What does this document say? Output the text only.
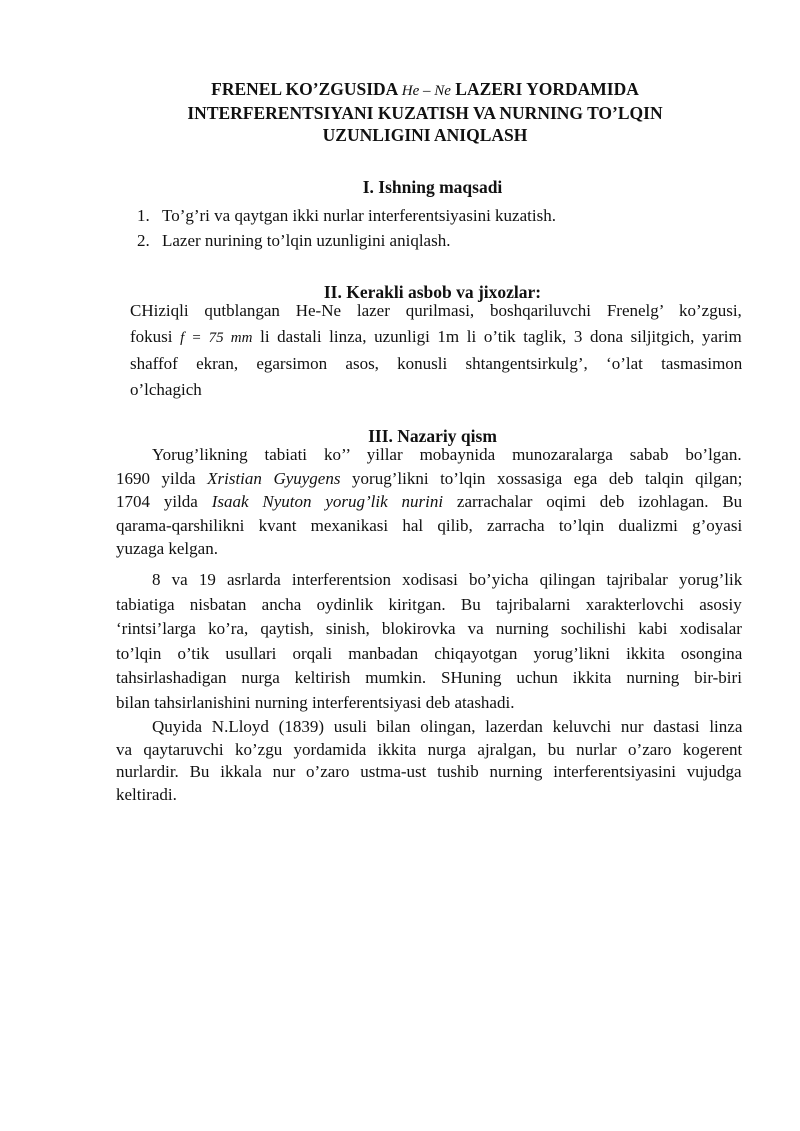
FRENEL KO’ZGUSIDA He – Ne LAZERI YORDAMIDA
INTERFERENTSIYANI KUZATISH VA NURNING TO’LQIN
UZUNLIGINI ANIQLASH
I. Ishning maqsadi
1. To’g’ri va qaytgan ikki nurlar interferentsiyasini kuzatish.
2. Lazer nurining to’lqin uzunligini aniqlash.
II. Kerakli asbob va jixozlar:
CHiziqli qutblangan He-Ne lazer qurilmasi, boshqariluvchi Frenelg’ ko’zgusi,
fokusi f = 75 mm li dastali linza, uzunligi 1m li o’tik taglik, 3 dona siljitgich, yarim
shaffof ekran, egarsimon asos, konusli shtangentsirkulg’, ‘o’lat tasmasimon
o’lchagich
III. Nazariy qism
Yorug’likning tabiati ko’’ yillar mobaynida munozaralarga sabab bo’lgan.
1690 yilda Xristian Gyuygens yorug’likni to’lqin xossasiga ega deb talqin qilgan;
1704 yilda Isaak Nyuton yorug’lik nurini zarrachalar oqimi deb izohlagan. Bu
qarama-qarshilikni kvant mexanikasi hal qilib, zarracha to’lqin dualizmi g’oyasi
yuzaga kelgan.
8 va 19 asrlarda interferentsion xodisasi bo’yicha qilingan tajribalar yorug’lik
tabiatiga nisbatan ancha oydinlik kiritgan. Bu tajribalarni xarakterlovchi asosiy
‘rintsi’larga ko’ra, qaytish, sinish, blokirovka va nurning sochilishi kabi xodisalar
to’lqin o’tik usullari orqali manbadan chiqayotgan yorug’likni ikkita osongina
tahsirlashadigan nurga keltirish mumkin. SHuning uchun ikkita nurning bir-biri
bilan tahsirlanishini nurning interferentsiyasi deb atashadi.
Quyida N.Lloyd (1839) usuli bilan olingan, lazerdan keluvchi nur dastasi linza
va qaytaruvchi ko’zgu yordamida ikkita nurga ajralgan, bu nurlar o’zaro kogerent
nurlardir. Bu ikkala nur o’zaro ustma-ust tushib nurning interferentsiyasini vujudga
keltiradi.
